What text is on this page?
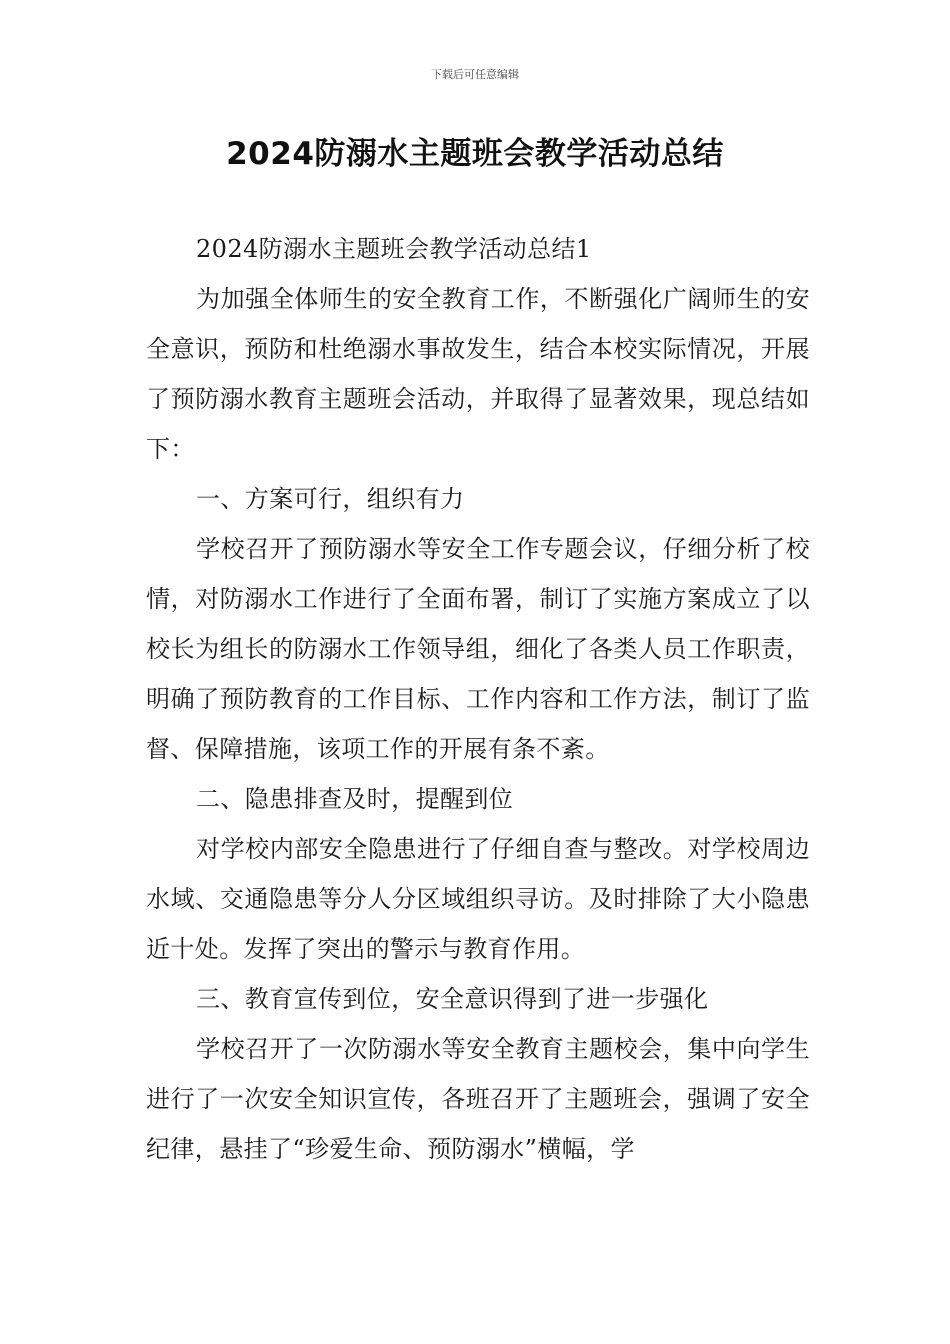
下载后可任意编辑
2024防溺水主题班会教学活动总结

2024防溺水主题班会教学活动总结1

为加强全体师生的安全教育工作，不断强化广阔师生的安全意识，预防和杜绝溺水事故发生，结合本校实际情况，开展了预防溺水教育主题班会活动，并取得了显著效果，现总结如下：

一、方案可行，组织有力

学校召开了预防溺水等安全工作专题会议，仔细分析了校情，对防溺水工作进行了全面布署，制订了实施方案成立了以校长为组长的防溺水工作领导组，细化了各类人员工作职责，明确了预防教育的工作目标、工作内容和工作方法，制订了监督、保障措施，该项工作的开展有条不紊。

二、隐患排查及时，提醒到位

对学校内部安全隐患进行了仔细自查与整改。对学校周边水域、交通隐患等分人分区域组织寻访。及时排除了大小隐患近十处。发挥了突出的警示与教育作用。

三、教育宣传到位，安全意识得到了进一步强化

学校召开了一次防溺水等安全教育主题校会，集中向学生进行了一次安全知识宣传，各班召开了主题班会，强调了安全纪律，悬挂了“珍爱生命、预防溺水”横幅，学
